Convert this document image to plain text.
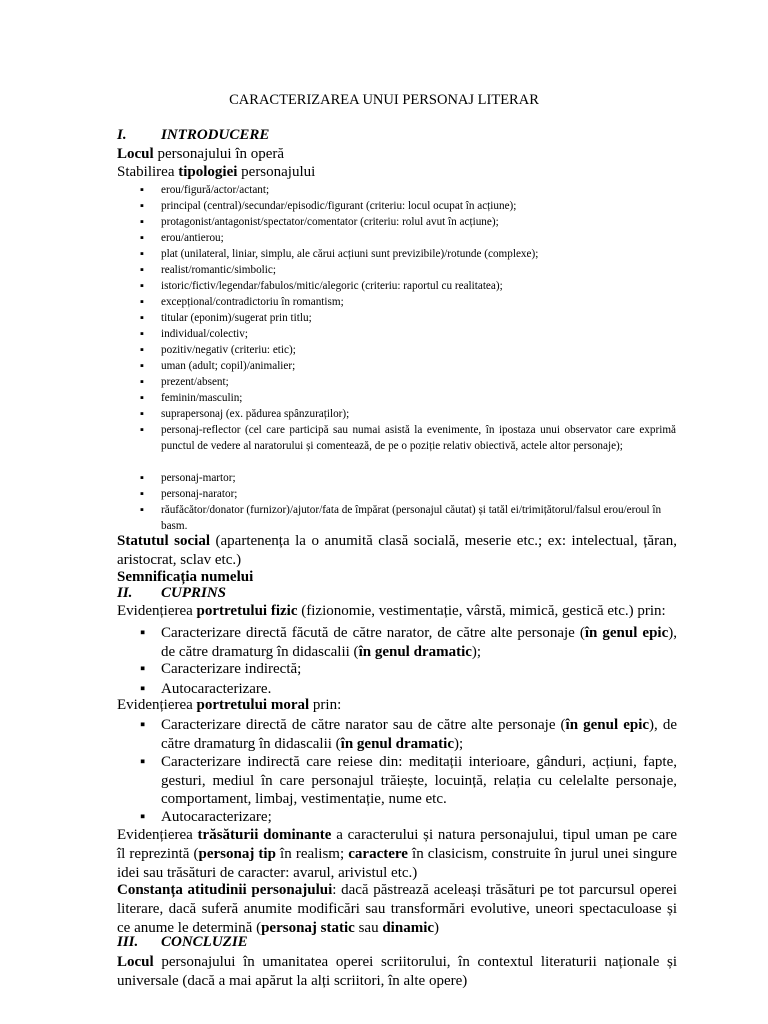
CARACTERIZAREA UNUI PERSONAJ LITERAR
I. INTRODUCERE
Locul personajului în operă
Stabilirea tipologiei personajului
▪ erou/figură/actor/actant;
▪ principal (central)/secundar/episodic/figurant (criteriu: locul ocupat în acțiune);
▪ protagonist/antagonist/spectator/comentator (criteriu: rolul avut în acțiune);
▪ erou/antierou;
▪ plat (unilateral, liniar, simplu, ale cărui acțiuni sunt previzibile)/rotunde (complexe);
▪ realist/romantic/simbolic;
▪ istoric/fictiv/legendar/fabulos/mitic/alegoric (criteriu: raportul cu realitatea);
▪ excepțional/contradictoriu în romantism;
▪ titular (eponim)/sugerat prin titlu;
▪ individual/colectiv;
▪ pozitiv/negativ (criteriu: etic);
▪ uman (adult; copil)/animalier;
▪ prezent/absent;
▪ feminin/masculin;
▪ suprapersonaj (ex. pădurea spânzuraților);
▪ personaj-reflector (cel care participă sau numai asistă la evenimente, în ipostaza unui observator care exprimă punctul de vedere al naratorului și comentează, de pe o poziție relativ obiectivă, actele altor personaje);
▪ personaj-martor;
▪ personaj-narator;
▪ răufăcător/donator (furnizor)/ajutor/fata de împărat (personajul căutat) și tatăl ei/trimițătorul/falsul erou/eroul în basm.
Statutul social (apartenența la o anumită clasă socială, meserie etc.; ex: intelectual, țăran, aristocrat, sclav etc.)
Semnificația numelui
II. CUPRINS
Evidențierea portretului fizic (fizionomie, vestimentație, vârstă, mimică, gestică etc.) prin:
▪ Caracterizare directă făcută de către narator, de către alte personaje (în genul epic), de către dramaturg în didascalii (în genul dramatic);
▪ Caracterizare indirectă;
▪ Autocaracterizare.
Evidențierea portretului moral prin:
▪ Caracterizare directă de către narator sau de către alte personaje (în genul epic), de către dramaturg în didascalii (în genul dramatic);
▪ Caracterizare indirectă care reiese din: meditații interioare, gânduri, acțiuni, fapte, gesturi, mediul în care personajul trăiește, locuință, relația cu celelalte personaje, comportament, limbaj, vestimentație, nume etc.
▪ Autocaracterizare;
Evidențierea trăsăturii dominante a caracterului și natura personajului, tipul uman pe care îl reprezintă (personaj tip în realism; caractere în clasicism, construite în jurul unei singure idei sau trăsături de caracter: avarul, arivistul etc.)
Constanța atitudinii personajului: dacă păstrează aceleași trăsături pe tot parcursul operei literare, dacă suferă anumite modificări sau transformări evolutive, uneori spectaculoase și ce anume le determină (personaj static sau dinamic)
III. CONCLUZIE
Locul personajului în umanitatea operei scriitorului, în contextul literaturii naționale și universale (dacă a mai apărut la alți scriitori, în alte opere)
